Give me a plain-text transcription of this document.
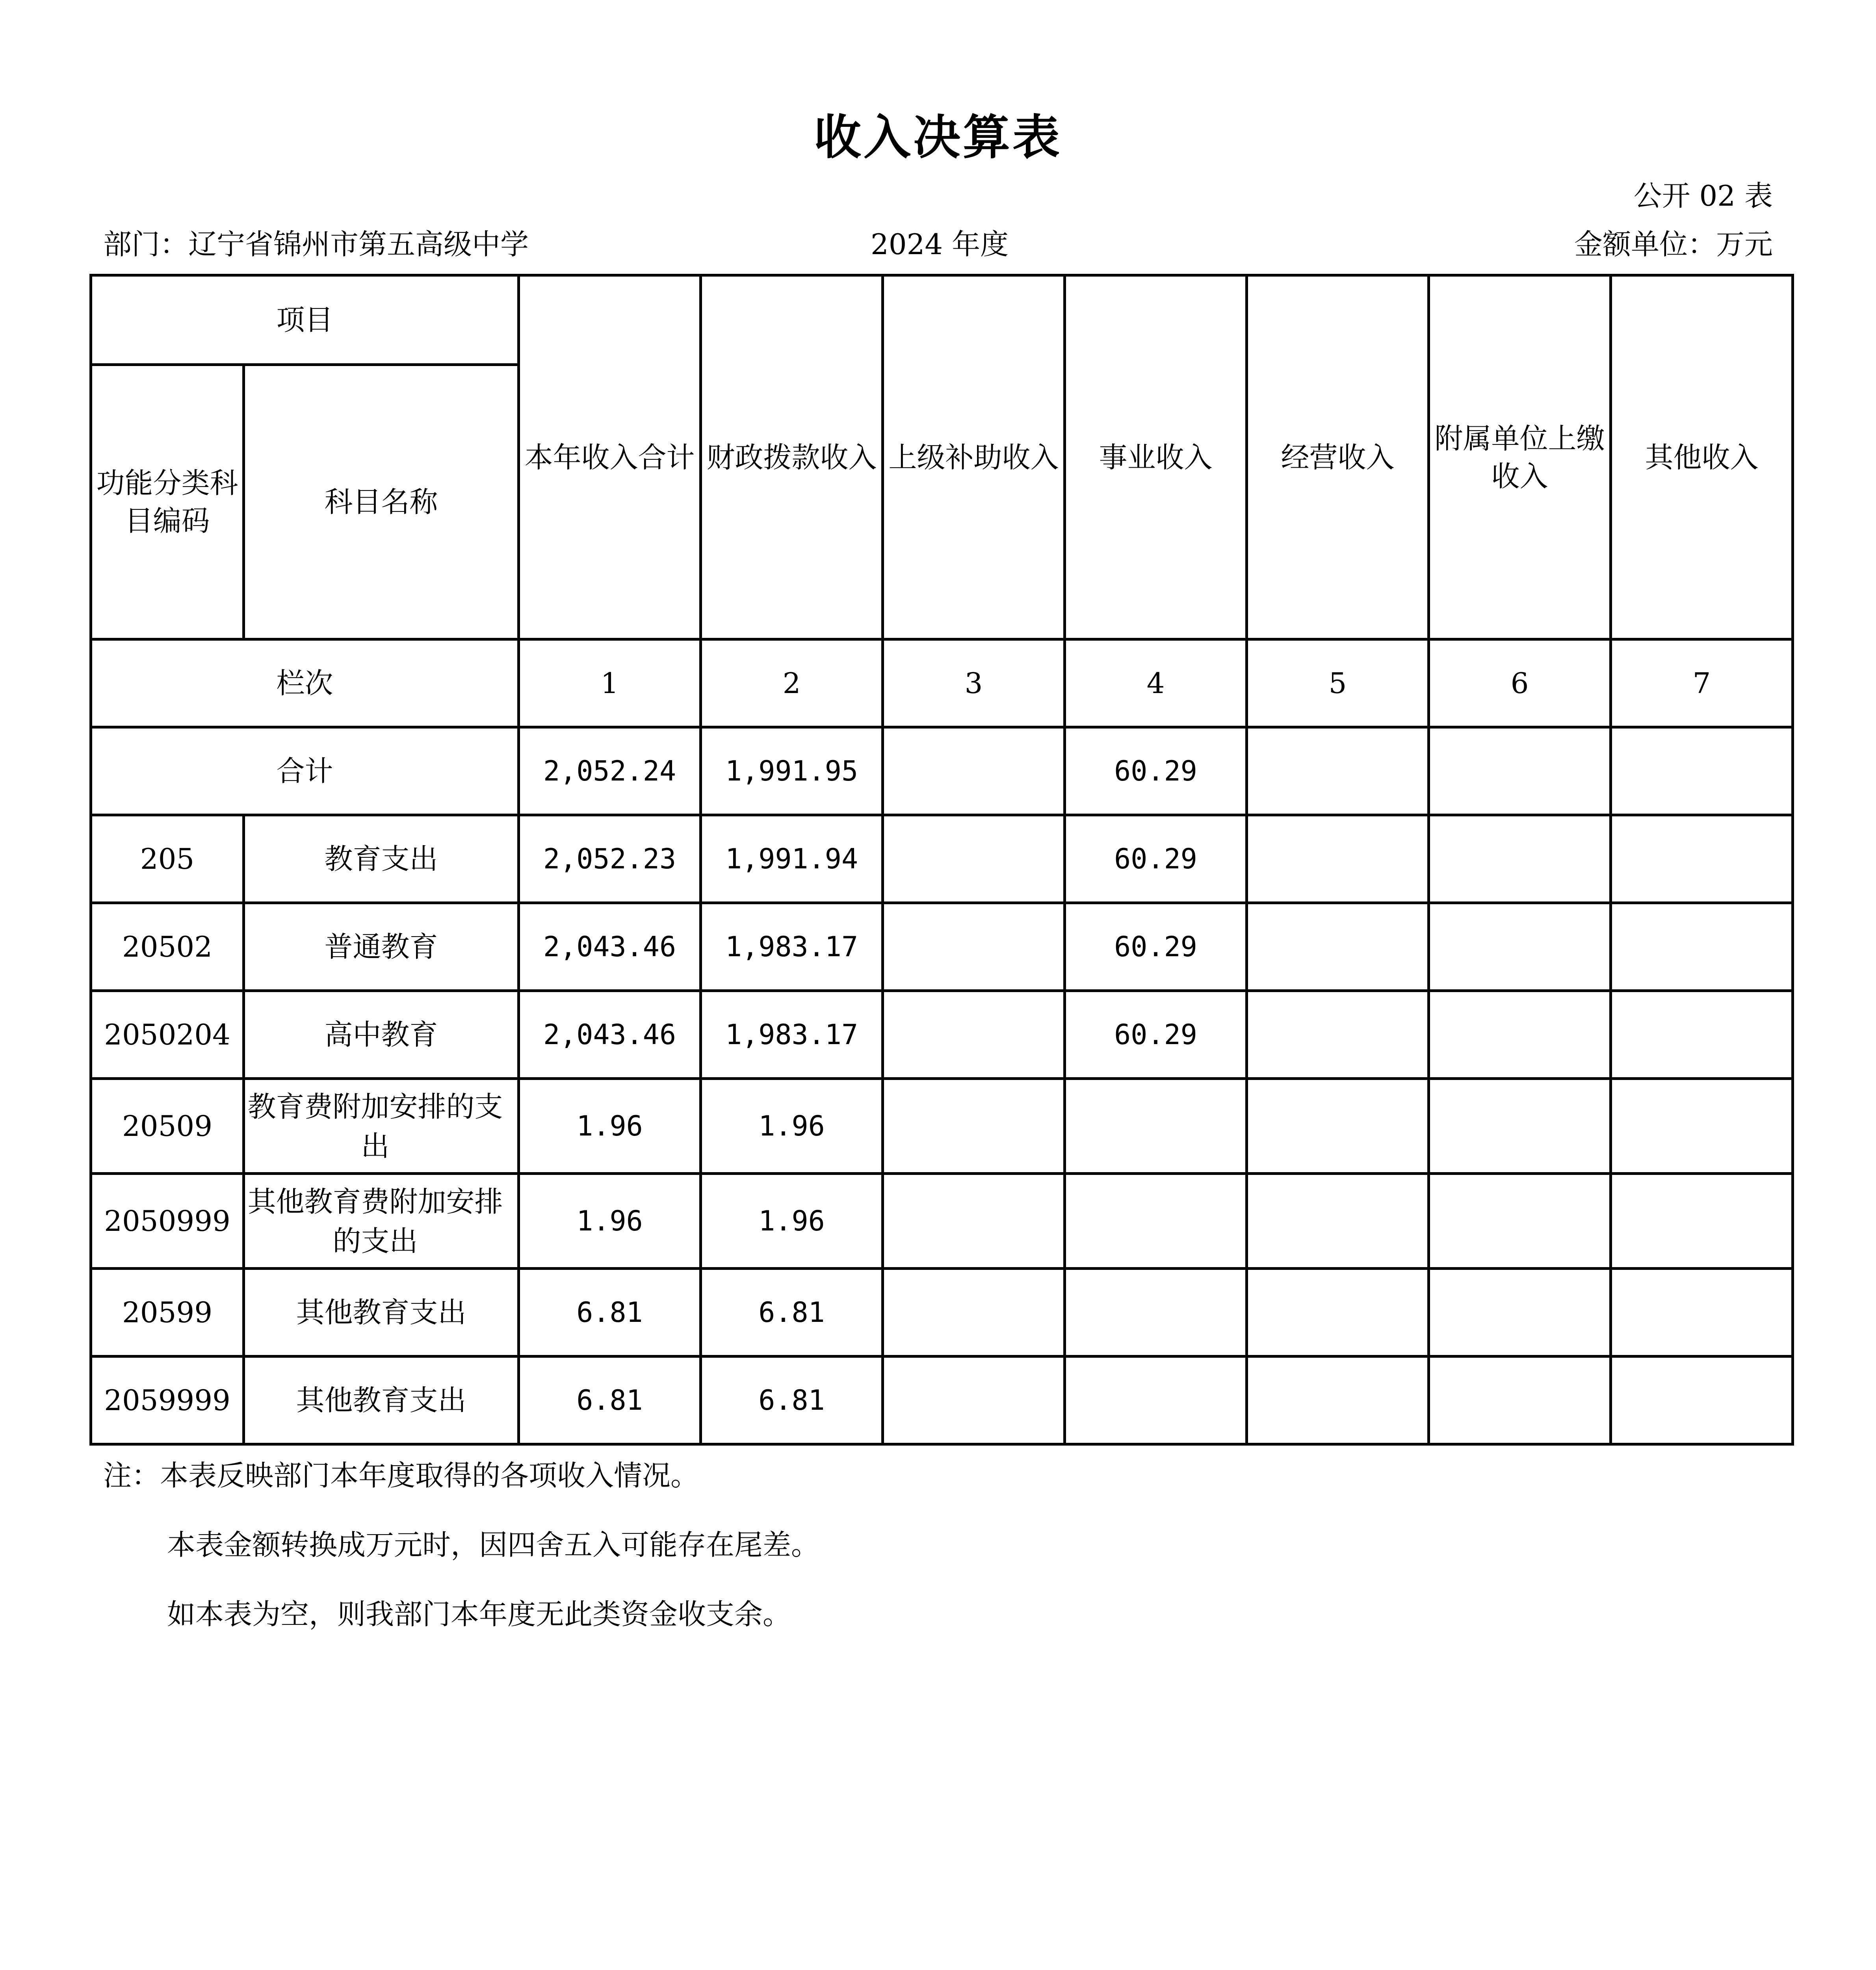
收入决算表
公开 02 表
部门：辽宁省锦州市第五高级中学	2024 年度	金额单位：万元
项目		本年收入合计	财政拨款收入	上级补助收入	事业收入	经营收入	附属单位上缴收入	其他收入
功能分类科目编码	科目名称							
栏次		1	2	3	4	5	6	7
合计		2,052.24	1,991.95		60.29			
205	教育支出	2,052.23	1,991.94		60.29			
20502	普通教育	2,043.46	1,983.17		60.29			
2050204	高中教育	2,043.46	1,983.17		60.29			
20509	教育费附加安排的支出	1.96	1.96					
2050999	其他教育费附加安排的支出	1.96	1.96					
20599	其他教育支出	6.81	6.81					
2059999	其他教育支出	6.81	6.81					

注：本表反映部门本年度取得的各项收入情况。

本表金额转换成万元时，因四舍五入可能存在尾差。

如本表为空，则我部门本年度无此类资金收支余。
